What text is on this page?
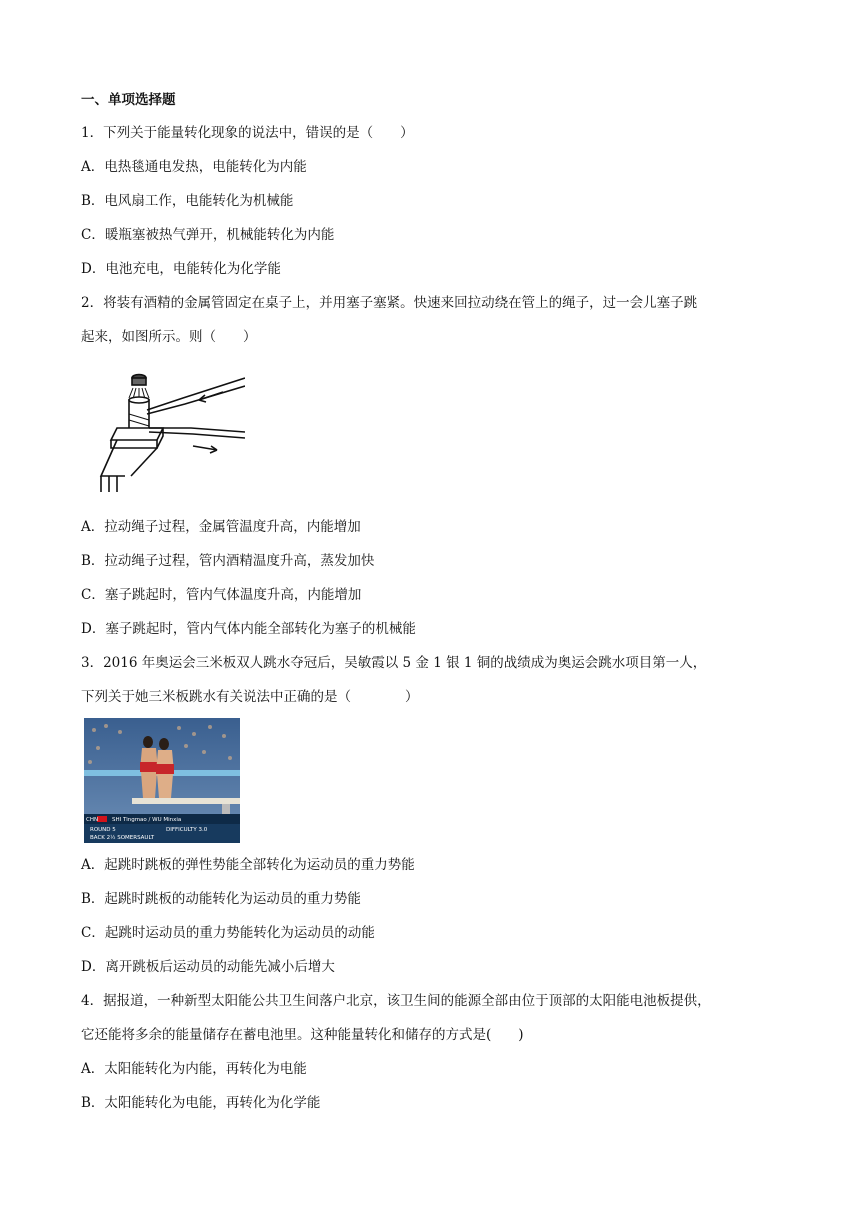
一、单项选择题
1．下列关于能量转化现象的说法中，错误的是（　　）
A．电热毯通电发热，电能转化为内能
B．电风扇工作，电能转化为机械能
C．暖瓶塞被热气弹开，机械能转化为内能
D．电池充电，电能转化为化学能
2．将装有酒精的金属管固定在桌子上，并用塞子塞紧。快速来回拉动绕在管上的绳子，过一会儿塞子跳
起来，如图所示。则（　　）
A．拉动绳子过程，金属管温度升高，内能增加
B．拉动绳子过程，管内酒精温度升高，蒸发加快
C．塞子跳起时，管内气体温度升高，内能增加
D．塞子跳起时，管内气体内能全部转化为塞子的机械能
3．2016 年奥运会三米板双人跳水夺冠后，吴敏霞以 5 金 1 银 1 铜的战绩成为奥运会跳水项目第一人，
下列关于她三米板跳水有关说法中正确的是（　　　　）
CHN	SHI Tingmao / WU Minxia
ROUND 5	DIFFICULTY 3.0
BACK 2½ SOMERSAULT
A．起跳时跳板的弹性势能全部转化为运动员的重力势能
B．起跳时跳板的动能转化为运动员的重力势能
C．起跳时运动员的重力势能转化为运动员的动能
D．离开跳板后运动员的动能先减小后增大
4．据报道，一种新型太阳能公共卫生间落户北京，该卫生间的能源全部由位于顶部的太阳能电池板提供，
它还能将多余的能量储存在蓄电池里。这种能量转化和储存的方式是(　　)
A．太阳能转化为内能，再转化为电能
B．太阳能转化为电能，再转化为化学能
